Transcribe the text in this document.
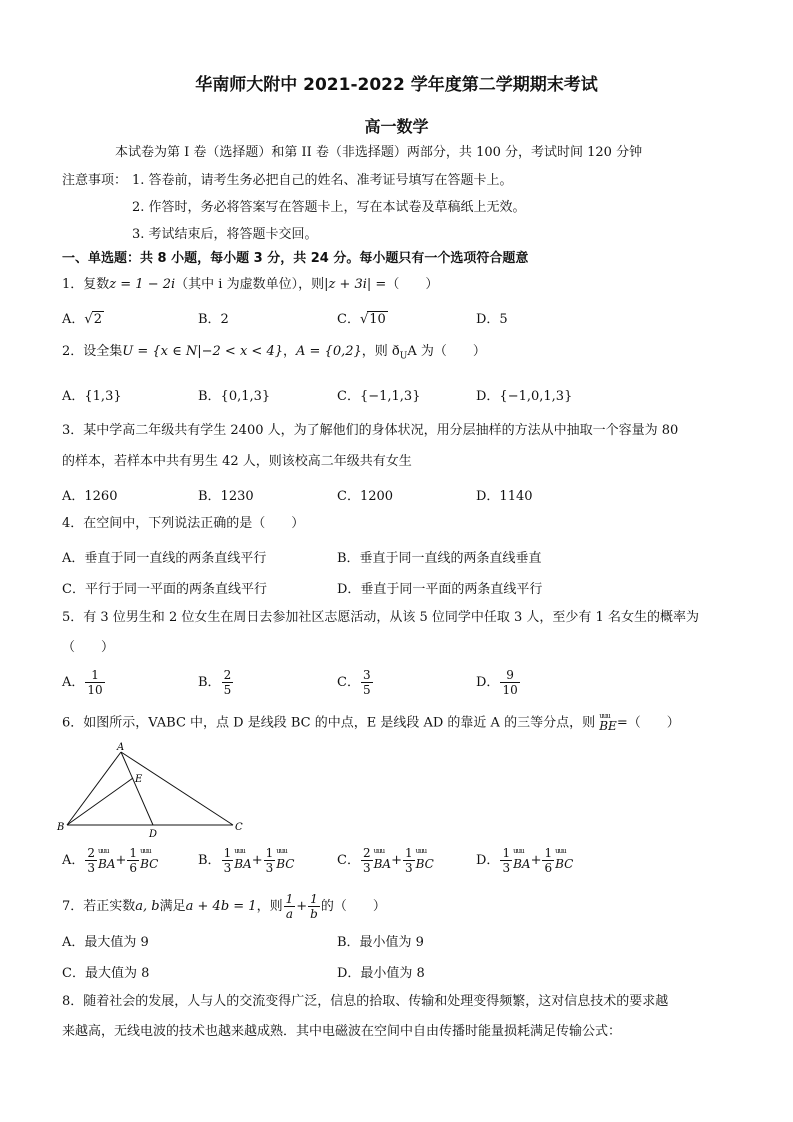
华南师大附中 2021-2022 学年度第二学期期末考试
高一数学
本试卷为第 I 卷（选择题）和第 II 卷（非选择题）两部分，共 100 分，考试时间 120 分钟
注意事项： 1. 答卷前，请考生务必把自己的姓名、准考证号填写在答题卡上。
2. 作答时，务必将答案写在答题卡上，写在本试卷及草稿纸上无效。
3. 考试结束后，将答题卡交回。
一、单选题：共 8 小题，每小题 3 分，共 24 分。每小题只有一个选项符合题意
1．复数z = 1 − 2i（其中 i 为虚数单位），则|z + 3i| =（　　）
A．√2	B．2	C．√10	D．5
2．设全集U = {x ∈ N|−2 < x < 4}，A = {0,2}，则 $ð_UA$ 为（　　）
A．{1,3}	B．{0,1,3}	C．{−1,1,3}	D．{−1,0,1,3}
3．某中学高二年级共有学生 2400 人，为了解他们的身体状况，用分层抽样的方法从中抽取一个容量为 80
的样本，若样本中共有男生 42 人，则该校高二年级共有女生
A．1260	B．1230	C．1200	D．1140
4．在空间中，下列说法正确的是（　　）
A．垂直于同一直线的两条直线平行	B．垂直于同一直线的两条直线垂直
C．平行于同一平面的两条直线平行	D．垂直于同一平面的两条直线平行
5．有 3 位男生和 2 位女生在周日去参加社区志愿活动，从该 5 位同学中任取 3 人，至少有 1 名女生的概率为
（　　）
A． $\frac{1}{10}$	B． $\frac{2}{5}$	C． $\frac{3}{5}$	D． $\frac{9}{10}$
6．如图所示，VABC 中，点 D 是线段 BC 的中点，E 是线段 AD 的靠近 A 的三等分点，则 uuu BE=（　　）
A
B	C
D
E
A． $\frac{2}{3}$ uuu $BA+ \frac{1}{6}$ uuu BC	B． $\frac{1}{3}$ uuu $BA+ \frac{1}{3}$ uuu BC	C． $\frac{2}{3}$ uuu $BA+ \frac{1}{3}$ uuu BC	D． $\frac{1}{3}$ uuu $BA+ \frac{1}{6}$ uuu BC
7．若正实数a, b满足a + 4b = 1，则 $\frac{1}{a} + \frac{1}{b}$ 的（　　）
A．最大值为 9	B．最小值为 9
C．最大值为 8	D．最小值为 8
8．随着社会的发展，人与人的交流变得广泛，信息的拾取、传输和处理变得频繁，这对信息技术的要求越
来越高，无线电波的技术也越来越成熟．其中电磁波在空间中自由传播时能量损耗满足传输公式：
